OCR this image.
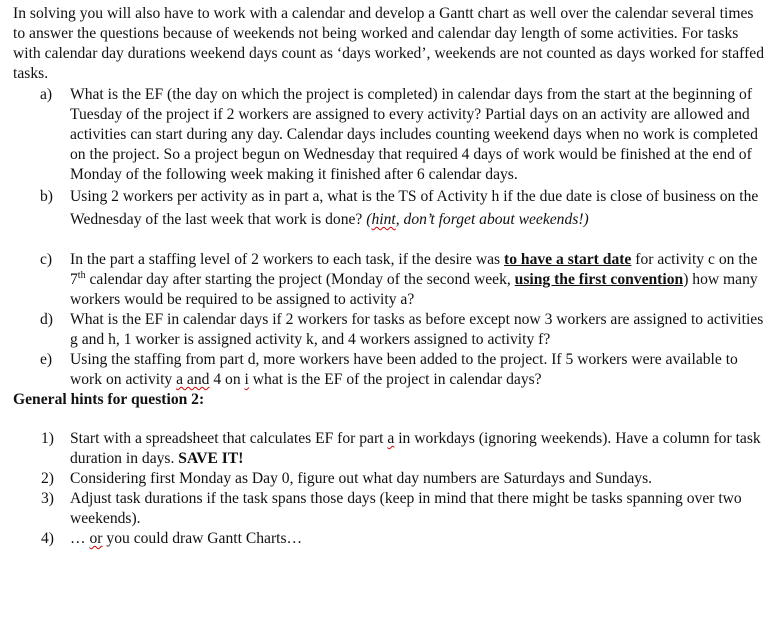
In solving you will also have to work with a calendar and develop a Gantt chart as well over the calendar several times to answer the questions because of weekends not being worked and calendar day length of some activities. For tasks with calendar day durations weekend days count as ‘days worked’, weekends are not counted as days worked for staffed tasks.

a) What is the EF (the day on which the project is completed) in calendar days from the start at the beginning of Tuesday of the project if 2 workers are assigned to every activity? Partial days on an activity are allowed and activities can start during any day. Calendar days includes counting weekend days when no work is completed on the project. So a project begun on Wednesday that required 4 days of work would be finished at the end of Monday of the following week making it finished after 6 calendar days.
b) Using 2 workers per activity as in part a, what is the TS of Activity h if the due date is close of business on the Wednesday of the last week that work is done? (hint, don’t forget about weekends!)
c) In the part a staffing level of 2 workers to each task, if the desire was to have a start date for activity c on the 7th calendar day after starting the project (Monday of the second week, using the first convention) how many workers would be required to be assigned to activity a?
d) What is the EF in calendar days if 2 workers for tasks as before except now 3 workers are assigned to activities g and h, 1 worker is assigned activity k, and 4 workers assigned to activity f?
e) Using the staffing from part d, more workers have been added to the project. If 5 workers were available to work on activity a and 4 on i what is the EF of the project in calendar days?

General hints for question 2:

1) Start with a spreadsheet that calculates EF for part a in workdays (ignoring weekends). Have a column for task duration in days. SAVE IT!
2) Considering first Monday as Day 0, figure out what day numbers are Saturdays and Sundays.
3) Adjust task durations if the task spans those days (keep in mind that there might be tasks spanning over two weekends).
4) … or you could draw Gantt Charts…
